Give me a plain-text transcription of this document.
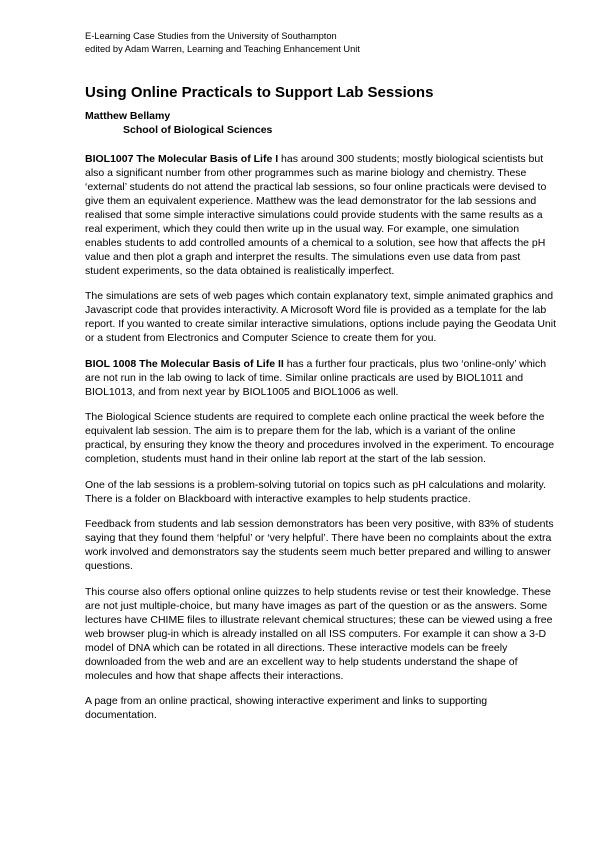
E-Learning Case Studies from the University of Southampton
edited by Adam Warren, Learning and Teaching Enhancement Unit
Using Online Practicals to Support Lab Sessions
Matthew Bellamy
School of Biological Sciences

BIOL1007 The Molecular Basis of Life I has around 300 students; mostly biological scientists but also a significant number from other programmes such as marine biology and chemistry. These ‘external’ students do not attend the practical lab sessions, so four online practicals were devised to give them an equivalent experience. Matthew was the lead demonstrator for the lab sessions and realised that some simple interactive simulations could provide students with the same results as a real experiment, which they could then write up in the usual way. For example, one simulation enables students to add controlled amounts of a chemical to a solution, see how that affects the pH value and then plot a graph and interpret the results. The simulations even use data from past student experiments, so the data obtained is realistically imperfect.

The simulations are sets of web pages which contain explanatory text, simple animated graphics and Javascript code that provides interactivity. A Microsoft Word file is provided as a template for the lab report. If you wanted to create similar interactive simulations, options include paying the Geodata Unit or a student from Electronics and Computer Science to create them for you.

BIOL 1008 The Molecular Basis of Life II has a further four practicals, plus two ‘online-only’ which are not run in the lab owing to lack of time. Similar online practicals are used by BIOL1011 and BIOL1013, and from next year by BIOL1005 and BIOL1006 as well.

The Biological Science students are required to complete each online practical the week before the equivalent lab session. The aim is to prepare them for the lab, which is a variant of the online practical, by ensuring they know the theory and procedures involved in the experiment. To encourage completion, students must hand in their online lab report at the start of the lab session.

One of the lab sessions is a problem-solving tutorial on topics such as pH calculations and molarity. There is a folder on Blackboard with interactive examples to help students practice.

Feedback from students and lab session demonstrators has been very positive, with 83% of students saying that they found them ‘helpful’ or ‘very helpful’. There have been no complaints about the extra work involved and demonstrators say the students seem much better prepared and willing to answer questions.

This course also offers optional online quizzes to help students revise or test their knowledge. These are not just multiple-choice, but many have images as part of the question or as the answers. Some lectures have CHIME files to illustrate relevant chemical structures; these can be viewed using a free web browser plug-in which is already installed on all ISS computers. For example it can show a 3-D model of DNA which can be rotated in all directions. These interactive models can be freely downloaded from the web and are an excellent way to help students understand the shape of molecules and how that shape affects their interactions.

A page from an online practical, showing interactive experiment and links to supporting documentation.
